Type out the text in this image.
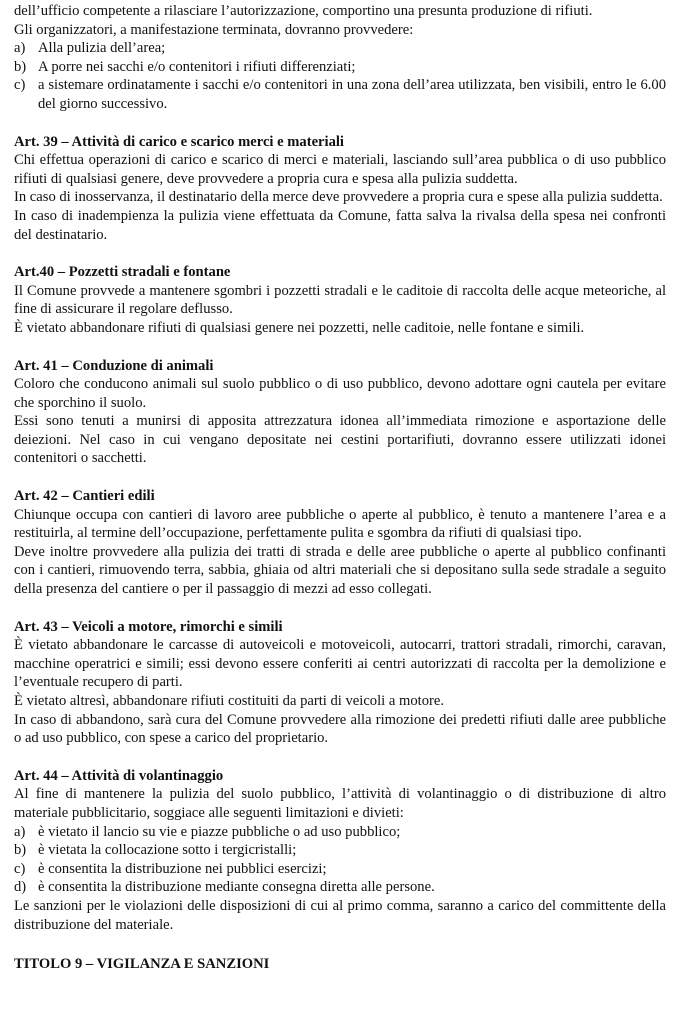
dell’ufficio competente a rilasciare l’autorizzazione, comportino una presunta produzione di rifiuti.

Gli organizzatori, a manifestazione terminata, dovranno provvedere:

a) Alla pulizia dell’area;
b) A porre nei sacchi e/o contenitori i rifiuti differenziati;
c) a sistemare ordinatamente i sacchi e/o contenitori in una zona dell’area utilizzata, ben visibili, entro le 6.00 del giorno successivo.

Art. 39 – Attività di carico e scarico merci e materiali

Chi effettua operazioni di carico e scarico di merci e materiali, lasciando sull’area pubblica o di uso pubblico rifiuti di qualsiasi genere, deve provvedere a propria cura e spesa alla pulizia suddetta.

In caso di inosservanza, il destinatario della merce deve provvedere a propria cura e spese alla pulizia suddetta.

In caso di inadempienza la pulizia viene effettuata da Comune, fatta salva la rivalsa della spesa nei confronti del destinatario.

Art.40 – Pozzetti stradali e fontane

Il Comune provvede a mantenere sgombri i pozzetti stradali e le caditoie di raccolta delle acque meteoriche, al fine di assicurare il regolare deflusso.

È vietato abbandonare rifiuti di qualsiasi genere nei pozzetti, nelle caditoie, nelle fontane e simili.

Art. 41 – Conduzione di animali

Coloro che conducono animali sul suolo pubblico o di uso pubblico, devono adottare ogni cautela per evitare che sporchino il suolo.

Essi sono tenuti a munirsi di apposita attrezzatura idonea all’immediata rimozione e asportazione delle deiezioni. Nel caso in cui vengano depositate nei cestini portarifiuti, dovranno essere utilizzati idonei contenitori o sacchetti.

Art. 42 – Cantieri edili

Chiunque occupa con cantieri di lavoro aree pubbliche o aperte al pubblico, è tenuto a mantenere l’area e a restituirla, al termine dell’occupazione, perfettamente pulita e sgombra da rifiuti di qualsiasi tipo.

Deve inoltre provvedere alla pulizia dei tratti di strada e delle aree pubbliche o aperte al pubblico confinanti con i cantieri, rimuovendo terra, sabbia, ghiaia od altri materiali che si depositano sulla sede stradale a seguito della presenza del cantiere o per il passaggio di mezzi ad esso collegati.

Art. 43 – Veicoli a motore, rimorchi e simili

È vietato abbandonare le carcasse di autoveicoli e motoveicoli, autocarri, trattori stradali, rimorchi, caravan, macchine operatrici e simili; essi devono essere conferiti ai centri autorizzati di raccolta per la demolizione e l’eventuale recupero di parti.

È vietato altresì, abbandonare rifiuti costituiti da parti di veicoli a motore.

In caso di abbandono, sarà cura del Comune provvedere alla rimozione dei predetti rifiuti dalle aree pubbliche o ad uso pubblico, con spese a carico del proprietario.

Art. 44 – Attività di volantinaggio

Al fine di mantenere la pulizia del suolo pubblico, l’attività di volantinaggio o di distribuzione di altro materiale pubblicitario, soggiace alle seguenti limitazioni e divieti:

a) è vietato il lancio su vie e piazze pubbliche o ad uso pubblico;
b) è vietata la collocazione sotto i tergicristalli;
c) è consentita la distribuzione nei pubblici esercizi;
d) è consentita la distribuzione mediante consegna diretta alle persone.

Le sanzioni per le violazioni delle disposizioni di cui al primo comma, saranno a carico del committente della distribuzione del materiale.

TITOLO 9 – VIGILANZA E SANZIONI
